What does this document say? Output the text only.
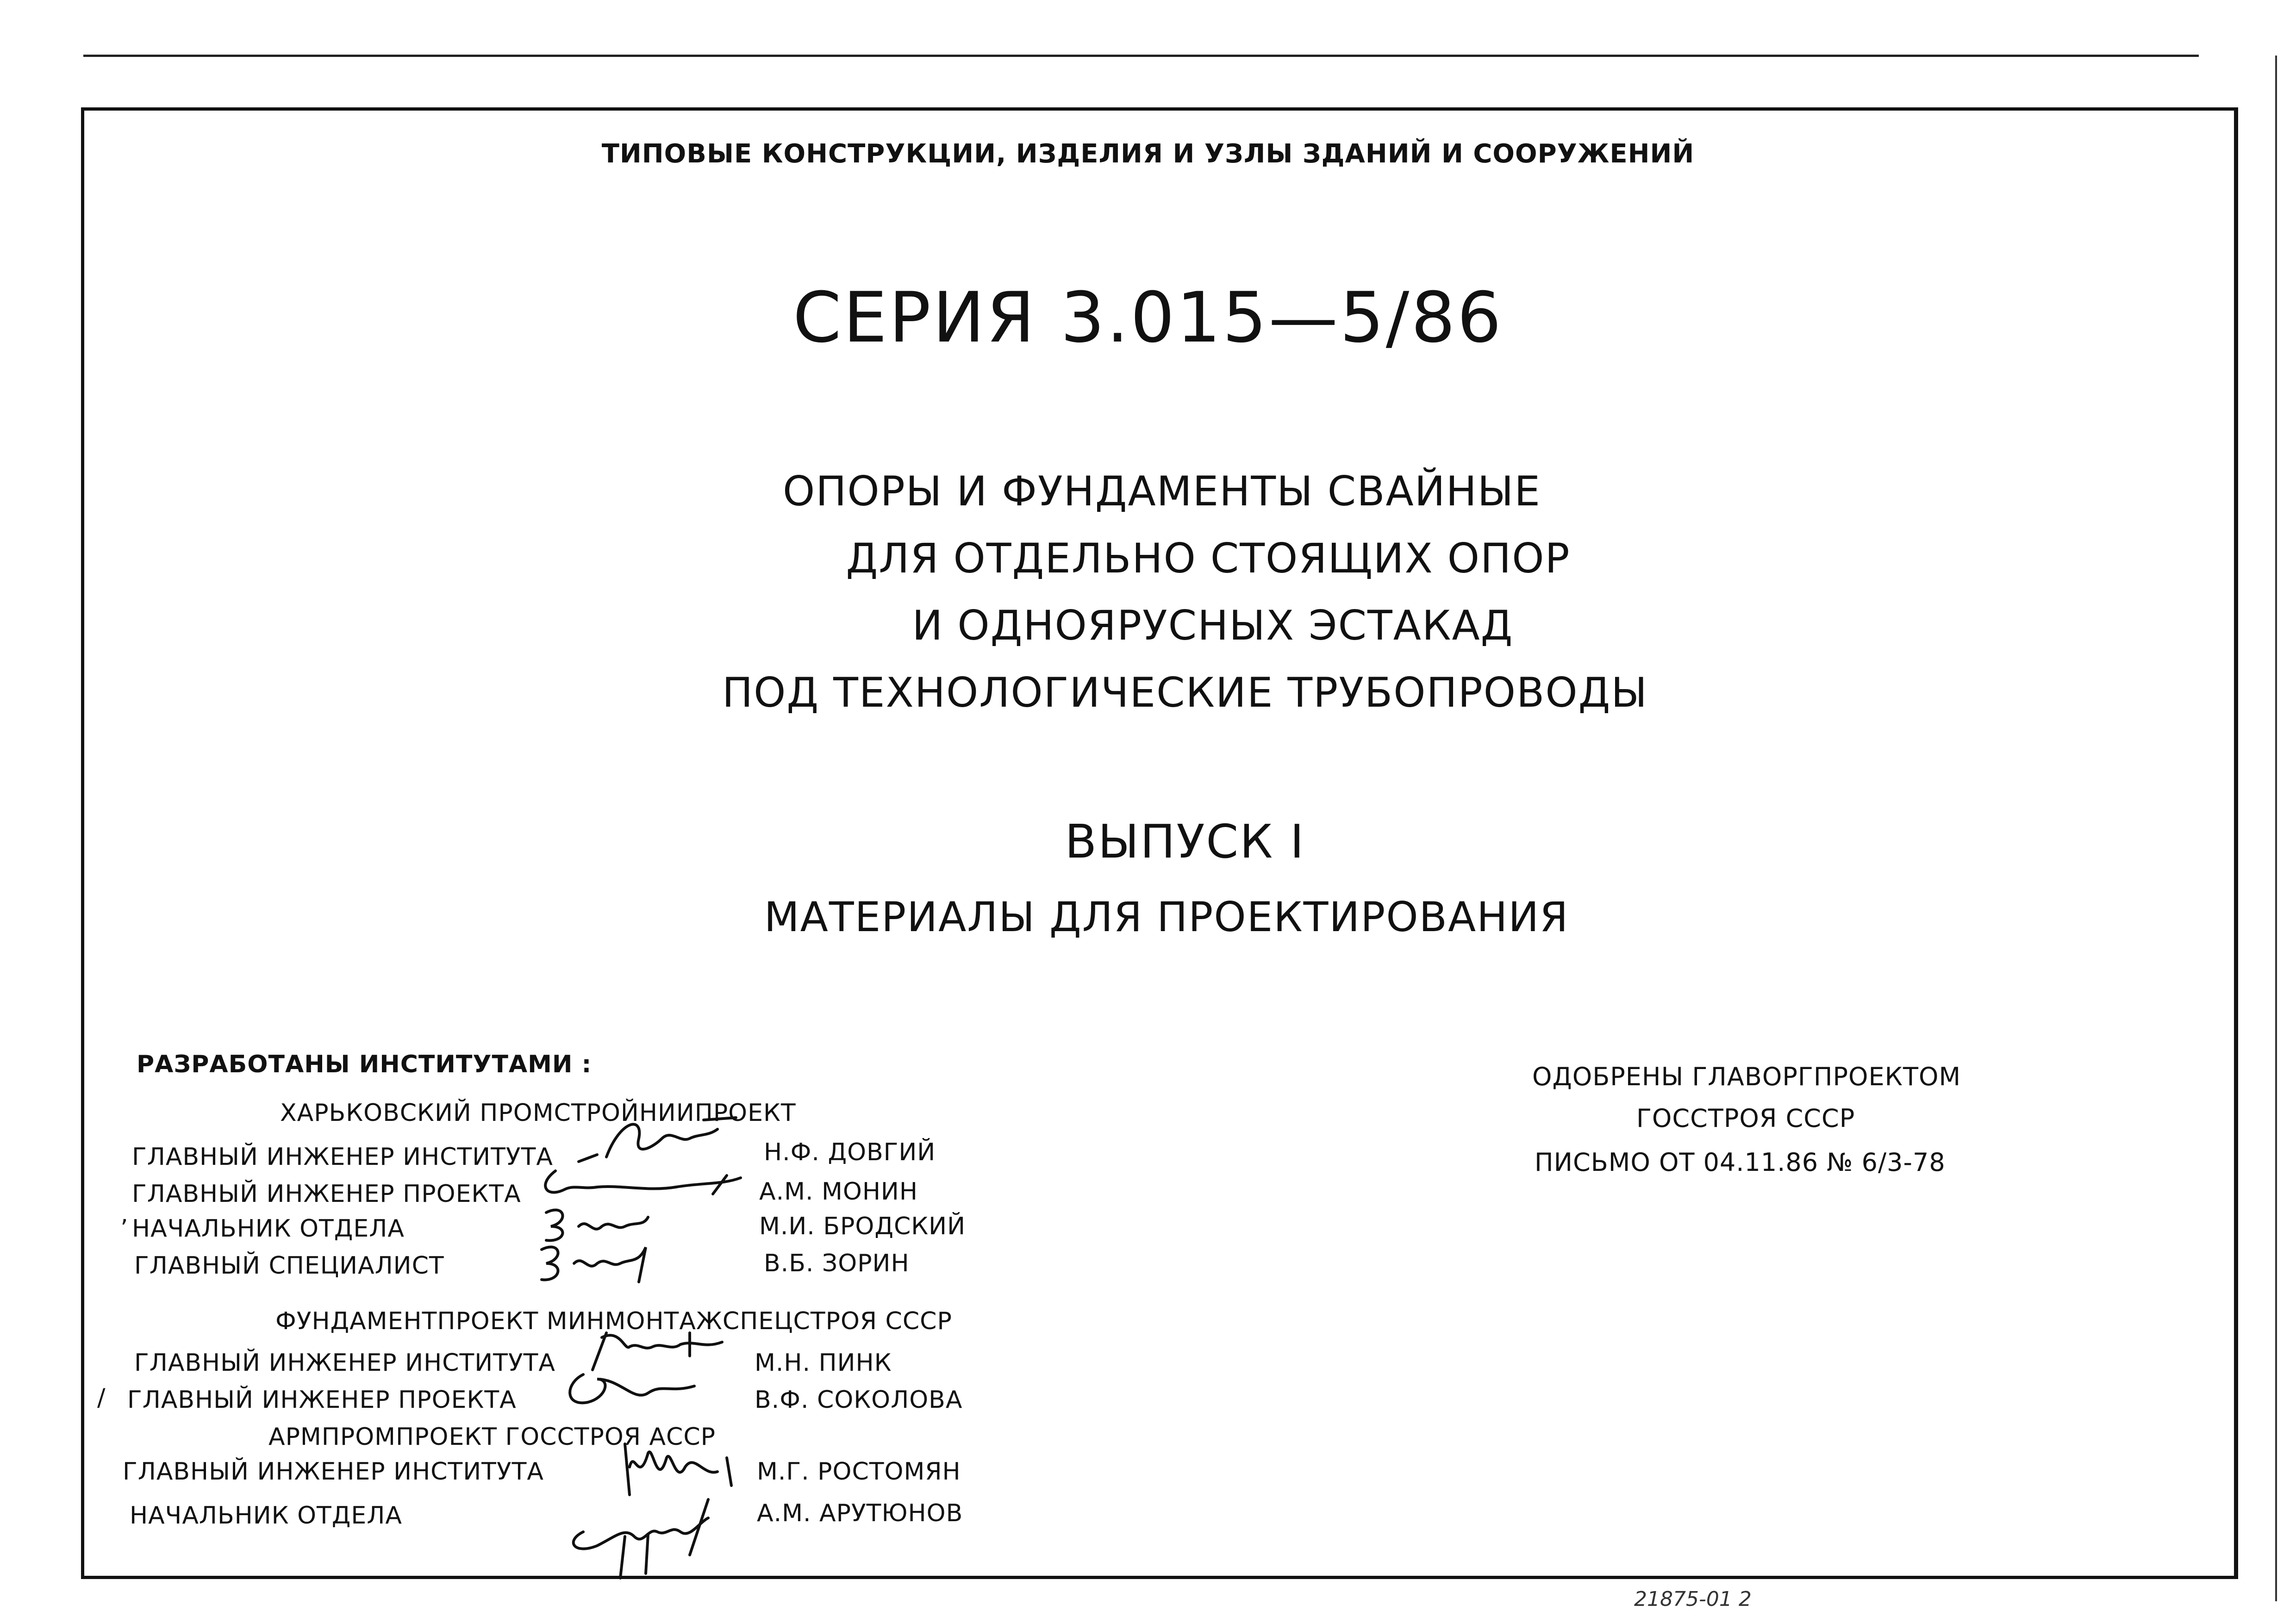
ТИПОВЫЕ КОНСТРУКЦИИ, ИЗДЕЛИЯ И УЗЛЫ ЗДАНИЙ И СООРУЖЕНИЙ
СЕРИЯ 3.015—5/86
ОПОРЫ И ФУНДАМЕНТЫ СВАЙНЫЕ
ДЛЯ ОТДЕЛЬНО СТОЯЩИХ ОПОР
И ОДНОЯРУСНЫХ ЭСТАКАД
ПОД ТЕХНОЛОГИЧЕСКИЕ ТРУБОПРОВОДЫ
ВЫПУСК I
МАТЕРИАЛЫ ДЛЯ ПРОЕКТИРОВАНИЯ
РАЗРАБОТАНЫ ИНСТИТУТАМИ :
ХАРЬКОВСКИЙ ПРОМСТРОЙНИИПРОЕКТ
ГЛАВНЫЙ ИНЖЕНЕР ИНСТИТУТА	Н.Ф. ДОВГИЙ
ГЛАВНЫЙ ИНЖЕНЕР ПРОЕКТА	А.М. МОНИН
’ НАЧАЛЬНИК ОТДЕЛА	М.И. БРОДСКИЙ
ГЛАВНЫЙ СПЕЦИАЛИСТ	В.Б. ЗОРИН
ФУНДАМЕНТПРОЕКТ МИНМОНТАЖСПЕЦСТРОЯ СССР
ГЛАВНЫЙ ИНЖЕНЕР ИНСТИТУТА	М.Н. ПИНК
/ ГЛАВНЫЙ ИНЖЕНЕР ПРОЕКТА	В.Ф. СОКОЛОВА
АРМПРОМПРОЕКТ ГОССТРОЯ АССР
ГЛАВНЫЙ ИНЖЕНЕР ИНСТИТУТА	М.Г. РОСТОМЯН
НАЧАЛЬНИК ОТДЕЛА	А.М. АРУТЮНОВ
ОДОБРЕНЫ ГЛАВОРГПРОЕКТОМ
ГОССТРОЯ СССР
ПИСЬМО ОТ 04.11.86 № 6/3-78
21875-01 2
